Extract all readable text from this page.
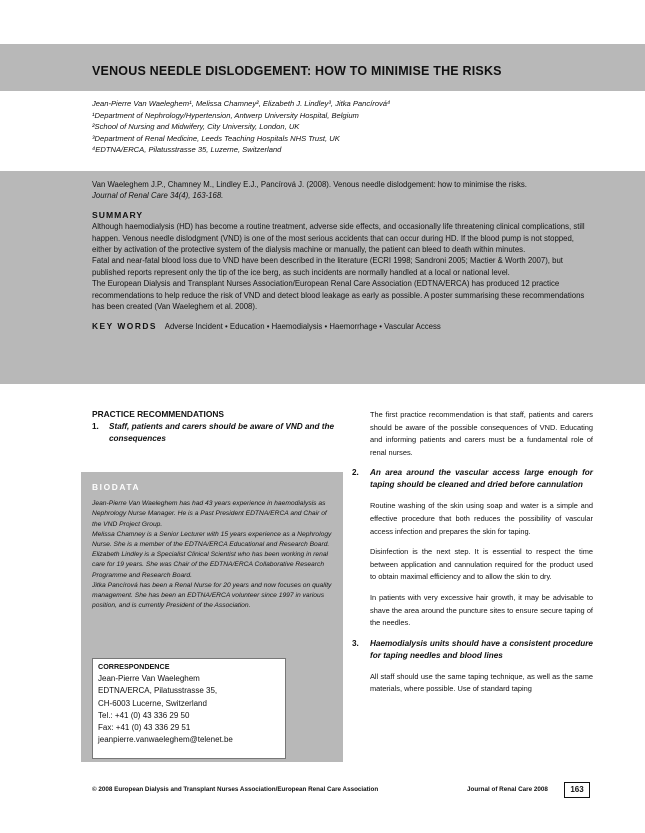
VENOUS NEEDLE DISLODGEMENT: HOW TO MINIMISE THE RISKS
Jean-Pierre Van Waeleghem¹, Melissa Chamney², Elizabeth J. Lindley³, Jitka Pancírová⁴
¹Department of Nephrology/Hypertension, Antwerp University Hospital, Belgium
²School of Nursing and Midwifery, City University, London, UK
³Department of Renal Medicine, Leeds Teaching Hospitals NHS Trust, UK
⁴EDTNA/ERCA, Pilatusstrasse 35, Luzerne, Switzerland

Van Waeleghem J.P., Chamney M., Lindley E.J., Pancírová J. (2008). Venous needle dislodgement: how to minimise the risks.

Journal of Renal Care 34(4), 163-168.

SUMMARY

Although haemodialysis (HD) has become a routine treatment, adverse side effects, and occasionally life threatening clinical complications, still happen. Venous needle dislodgment (VND) is one of the most serious accidents that can occur during HD. If the blood pump is not stopped, either by activation of the protective system of the dialysis machine or manually, the patient can bleed to death within minutes.

Fatal and near-fatal blood loss due to VND have been described in the literature (ECRI 1998; Sandroni 2005; Mactier & Worth 2007), but published reports represent only the tip of the ice berg, as such incidents are normally handled at a local or national level.

The European Dialysis and Transplant Nurses Association/European Renal Care Association (EDTNA/ERCA) has produced 12 practice recommendations to help reduce the risk of VND and detect blood leakage as early as possible. A poster summarising these recommendations has been created (Van Waeleghem et al. 2008).

KEY WORDS Adverse Incident • Education • Haemodialysis • Haemorrhage • Vascular Access
PRACTICE RECOMMENDATIONS
1. Staff, patients and carers should be aware of VND and the consequences
BIODATA

Jean-Pierre Van Waeleghem has had 43 years experience in haemodialysis as Nephrology Nurse Manager. He is a Past President EDTNA/ERCA and Chair of the VND Project Group.

Melissa Chamney is a Senior Lecturer with 15 years experience as a Nephrology Nurse. She is a member of the EDTNA/ERCA Educational and Research Board.

Elizabeth Lindley is a Specialist Clinical Scientist who has been working in renal care for 19 years. She was Chair of the EDTNA/ERCA Collaborative Research Programme and Research Board.

Jitka Pancírová has been a Renal Nurse for 20 years and now focuses on quality management. She has been an EDTNA/ERCA volunteer since 1997 in various position, and is currently President of the Association.

CORRESPONDENCE
Jean-Pierre Van Waeleghem
EDTNA/ERCA, Pilatusstrasse 35,
CH-6003 Lucerne, Switzerland
Tel.: +41 (0) 43 336 29 50
Fax: +41 (0) 43 336 29 51
jeanpierre.vanwaeleghem@telenet.be

The first practice recommendation is that staff, patients and carers should be aware of the possible consequences of VND. Educating and informing patients and carers must be a fundamental role of renal nurses.

2. An area around the vascular access large enough for taping should be cleaned and dried before cannulation

Routine washing of the skin using soap and water is a simple and effective procedure that both reduces the possibility of vascular access infection and prepares the skin for taping.

Disinfection is the next step. It is essential to respect the time between application and cannulation required for the product used to obtain maximal efficiency and to allow the skin to dry.

In patients with very excessive hair growth, it may be advisable to shave the area around the puncture sites to ensure secure taping of the needles.

3. Haemodialysis units should have a consistent procedure for taping needles and blood lines

All staff should use the same taping technique, as well as the same materials, where possible. Use of standard taping

© 2008 European Dialysis and Transplant Nurses Association/European Renal Care Association	Journal of Renal Care 2008	163
